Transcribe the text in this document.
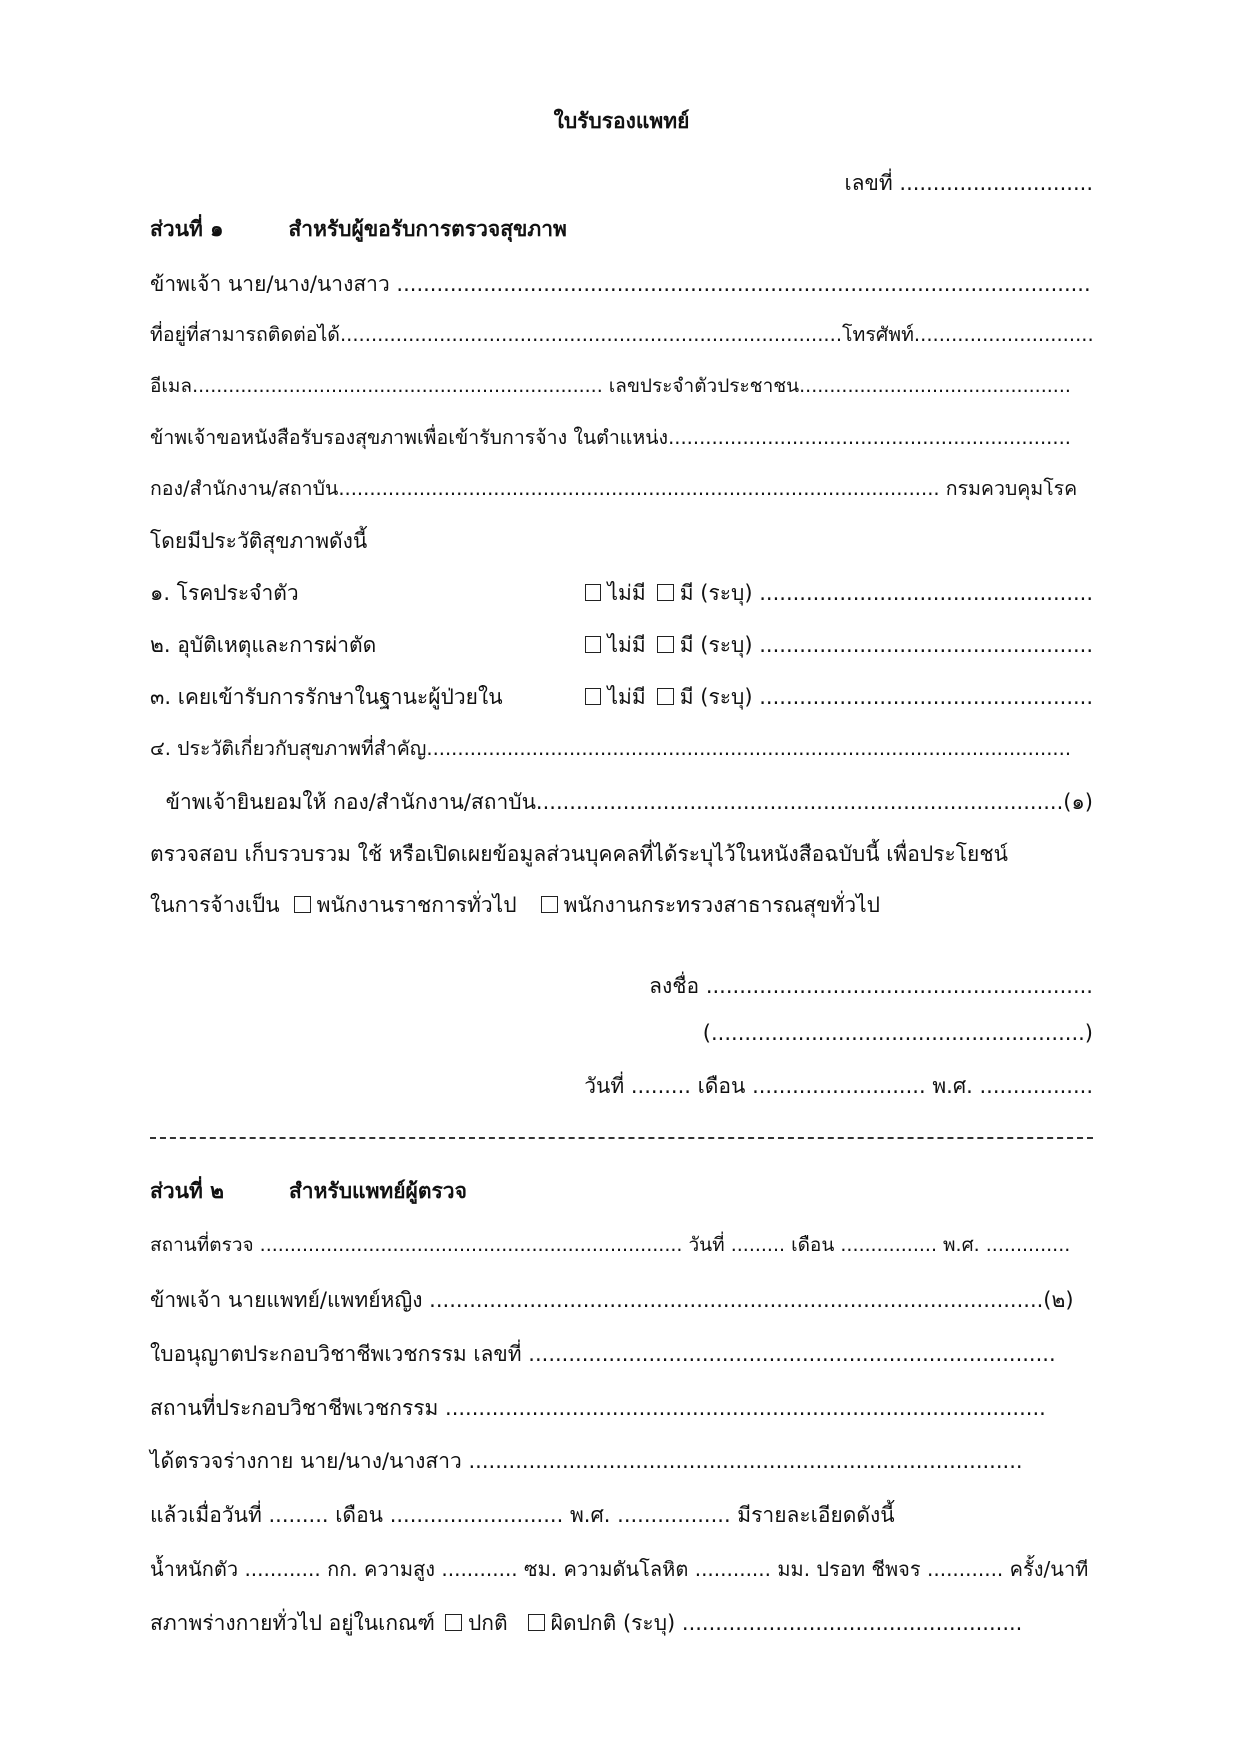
ใบรับรองแพทย์
เลขที่ .............................
ส่วนที่ ๑	สำหรับผู้ขอรับการตรวจสุขภาพ
ข้าพเจ้า นาย/นาง/นางสาว ........................................................................................................
ที่อยู่ที่สามารถติดต่อได้.................................................................................โทรศัพท์.............................
อีเมล.................................................................... เลขประจำตัวประชาชน.............................................
ข้าพเจ้าขอหนังสือรับรองสุขภาพเพื่อเข้ารับการจ้าง ในตำแหน่ง.................................................................
กอง/สำนักงาน/สถาบัน................................................................................................. กรมควบคุมโรค
โดยมีประวัติสุขภาพดังนี้
๑. โรคประจำตัว	ไม่มี มี (ระบุ) ..................................................
๒. อุบัติเหตุและการผ่าตัด	ไม่มี มี (ระบุ) ..................................................
๓. เคยเข้ารับการรักษาในฐานะผู้ป่วยใน	ไม่มี มี (ระบุ) ..................................................
๔. ประวัติเกี่ยวกับสุขภาพที่สำคัญ........................................................................................................
ข้าพเจ้ายินยอมให้ กอง/สำนักงาน/สถาบัน...............................................................................(๑)
ตรวจสอบ เก็บรวบรวม ใช้ หรือเปิดเผยข้อมูลส่วนบุคคลที่ได้ระบุไว้ในหนังสือฉบับนี้ เพื่อประโยชน์
ในการจ้างเป็น พนักงานราชการทั่วไป พนักงานกระทรวงสาธารณสุขทั่วไป
ลงชื่อ ..........................................................
(........................................................)
วันที่ ......... เดือน .......................... พ.ศ. .................
ส่วนที่ ๒	สำหรับแพทย์ผู้ตรวจ
สถานที่ตรวจ ...................................................................... วันที่ ......... เดือน ................ พ.ศ. ..............
ข้าพเจ้า นายแพทย์/แพทย์หญิง ............................................................................................(๒)
ใบอนุญาตประกอบวิชาชีพเวชกรรม เลขที่ ...............................................................................
สถานที่ประกอบวิชาชีพเวชกรรม ..........................................................................................
ได้ตรวจร่างกาย นาย/นาง/นางสาว ...................................................................................
แล้วเมื่อวันที่ ......... เดือน .......................... พ.ศ. ................. มีรายละเอียดดังนี้
น้ำหนักตัว ............ กก. ความสูง ............ ซม. ความดันโลหิต ............ มม. ปรอท ชีพจร ............ ครั้ง/นาที
สภาพร่างกายทั่วไป อยู่ในเกณฑ์ ปกติ ผิดปกติ (ระบุ) ...................................................
